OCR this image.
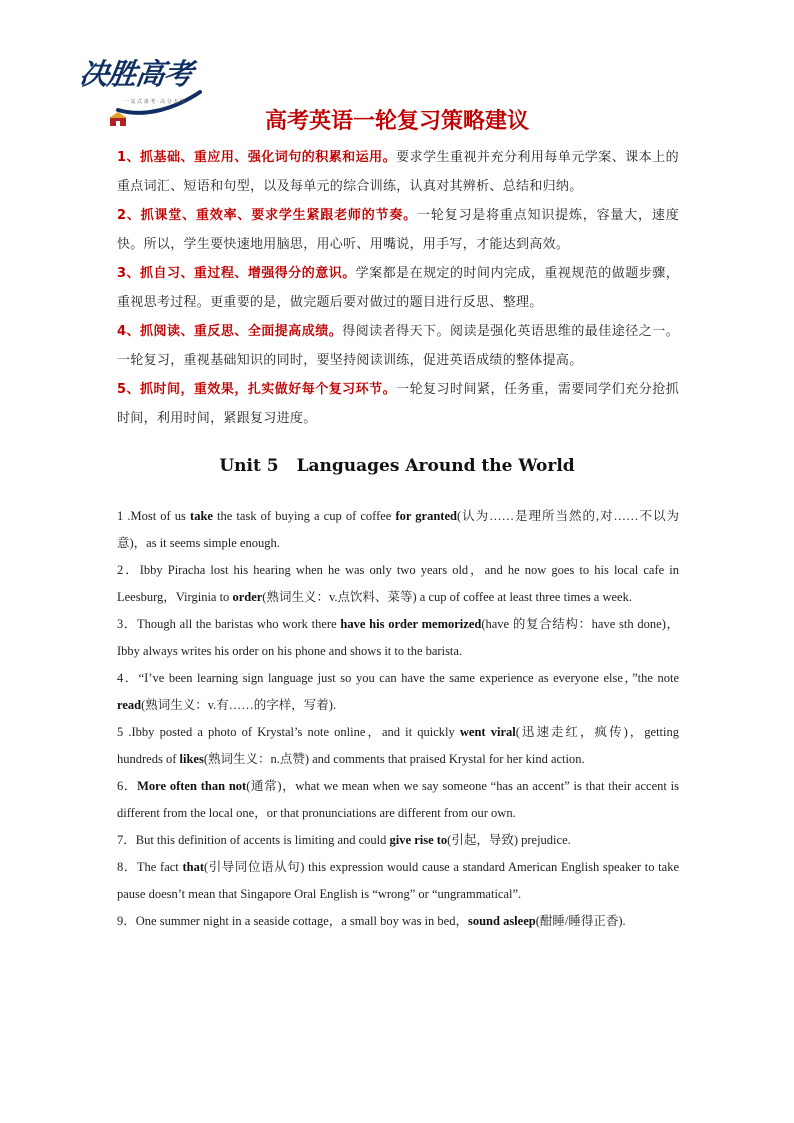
决胜高考
一 站 式 备 考 · 高 分 无 忧
高考英语一轮复习策略建议

1、抓基础、重应用、强化词句的积累和运用。要求学生重视并充分利用每单元学案、课本上的重点词汇、短语和句型，以及每单元的综合训练，认真对其辨析、总结和归纳。

2、抓课堂、重效率、要求学生紧跟老师的节奏。一轮复习是将重点知识提炼，容量大，速度快。所以，学生要快速地用脑思，用心听、用嘴说，用手写，才能达到高效。

3、抓自习、重过程、增强得分的意识。学案都是在规定的时间内完成，重视规范的做题步骤，重视思考过程。更重要的是，做完题后要对做过的题目进行反思、整理。

4、抓阅读、重反思、全面提高成绩。得阅读者得天下。阅读是强化英语思维的最佳途径之一。一轮复习，重视基础知识的同时，要坚持阅读训练，促进英语成绩的整体提高。

5、抓时间，重效果，扎实做好每个复习环节。一轮复习时间紧，任务重，需要同学们充分抢抓时间，利用时间，紧跟复习进度。

Unit 5 Languages Around the World

1 .Most of us take the task of buying a cup of coffee for granted(认为……是理所当然的,对……不以为意)，as it seems simple enough.

2．Ibby Piracha lost his hearing when he was only two years old，and he now goes to his local cafe in Leesburg，Virginia to order(熟词生义：v.点饮料、菜等) a cup of coffee at least three times a week.

3．Though all the baristas who work there have his order memorized(have 的复合结构：have sth done)，Ibby always writes his order on his phone and shows it to the barista.

4．“I’ve been learning sign language just so you can have the same experience as everyone else，”the note read(熟词生义：v.有……的字样，写着).

5 .Ibby posted a photo of Krystal’s note online，and it quickly went viral(迅速走红，疯传)，getting hundreds of likes(熟词生义：n.点赞) and comments that praised Krystal for her kind action.

6．More often than not(通常)，what we mean when we say someone “has an accent” is that their accent is different from the local one，or that pronunciations are different from our own.

7．But this definition of accents is limiting and could give rise to(引起，导致) prejudice.

8．The fact that(引导同位语从句) this expression would cause a standard American English speaker to take pause doesn’t mean that Singapore Oral English is “wrong” or “ungrammatical”.

9．One summer night in a seaside cottage，a small boy was in bed，sound asleep(酣睡/睡得正香).
